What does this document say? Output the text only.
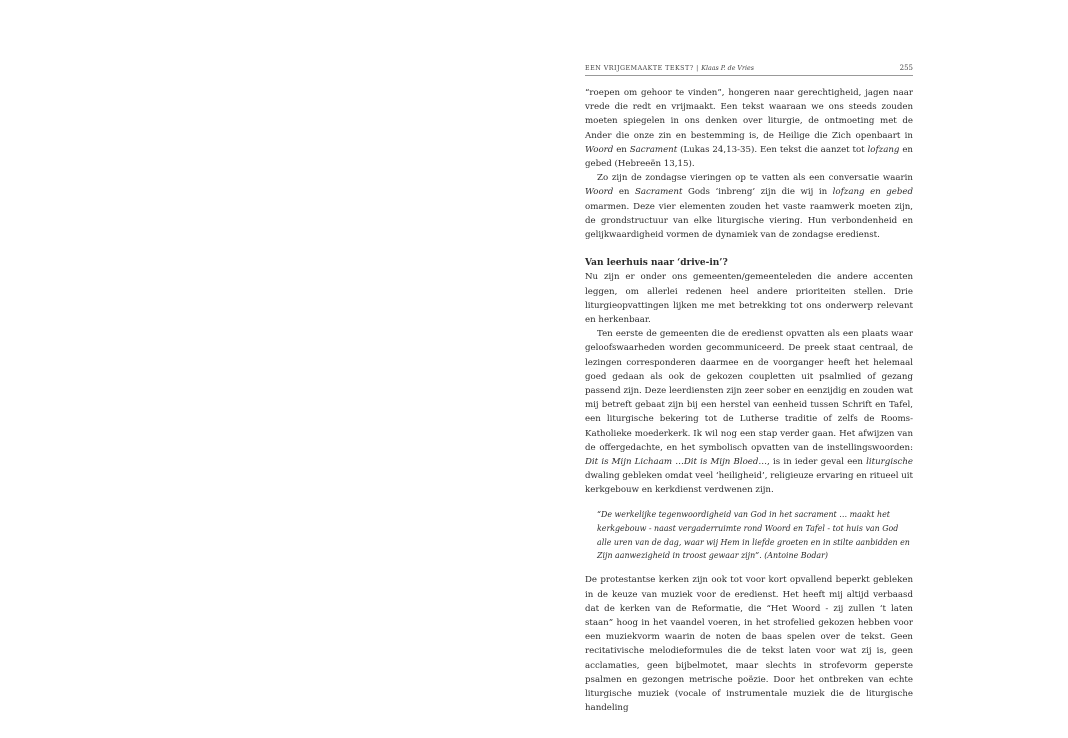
EEN VRIJGEMAAKTE TEKST? | Klaas P. de Vries	255

“roepen om gehoor te vinden”, hongeren naar gerechtigheid, jagen naar vrede die redt en vrijmaakt. Een tekst waaraan we ons steeds zouden moeten spiegelen in ons denken over liturgie, de ontmoeting met de Ander die onze zin en bestemming is, de Heilige die Zich openbaart in Woord en Sacrament (Lukas 24,13-35). Een tekst die aanzet tot lofzang en gebed (Hebreeën 13,15).

Zo zijn de zondagse vieringen op te vatten als een conversatie waarin Woord en Sacrament Gods ‘inbreng’ zijn die wij in lofzang en gebed omarmen. Deze vier elementen zouden het vaste raamwerk moeten zijn, de grondstructuur van elke liturgische viering. Hun verbondenheid en gelijkwaardigheid vormen de dynamiek van de zondagse eredienst.

Van leerhuis naar ‘drive-in’?

Nu zijn er onder ons gemeenten/gemeenteleden die andere accenten leggen, om allerlei redenen heel andere prioriteiten stellen. Drie liturgieopvattingen lijken me met betrekking tot ons onderwerp relevant en herkenbaar.

Ten eerste de gemeenten die de eredienst opvatten als een plaats waar geloofswaarheden worden gecommuniceerd. De preek staat centraal, de lezingen corresponderen daarmee en de voorganger heeft het helemaal goed gedaan als ook de gekozen coupletten uit psalmlied of gezang passend zijn. Deze leerdiensten zijn zeer sober en eenzijdig en zouden wat mij betreft gebaat zijn bij een herstel van eenheid tussen Schrift en Tafel, een liturgische bekering tot de Lutherse traditie of zelfs de Rooms-Katholieke moederkerk. Ik wil nog een stap verder gaan. Het afwijzen van de offergedachte, en het symbolisch opvatten van de instellingswoorden: Dit is Mijn Lichaam …Dit is Mijn Bloed…, is in ieder geval een liturgische dwaling gebleken omdat veel ‘heiligheid’, religieuze ervaring en ritueel uit kerkgebouw en kerkdienst verdwenen zijn.

“De werkelijke tegenwoordigheid van God in het sacrament … maakt het kerkgebouw - naast vergaderruimte rond Woord en Tafel - tot huis van God alle uren van de dag, waar wij Hem in liefde groeten en in stilte aanbidden en Zijn aanwezigheid in troost gewaar zijn”. (Antoine Bodar)

De protestantse kerken zijn ook tot voor kort opvallend beperkt gebleken in de keuze van muziek voor de eredienst. Het heeft mij altijd verbaasd dat de kerken van de Reformatie, die “Het Woord - zij zullen ‘t laten staan” hoog in het vaandel voeren, in het strofelied gekozen hebben voor een muziekvorm waarin de noten de baas spelen over de tekst. Geen recitativische melodieformules die de tekst laten voor wat zij is, geen acclamaties, geen bijbelmotet, maar slechts in strofevorm geperste psalmen en gezongen metrische poëzie. Door het ontbreken van echte liturgische muziek (vocale of instrumentale muziek die de liturgische handeling
